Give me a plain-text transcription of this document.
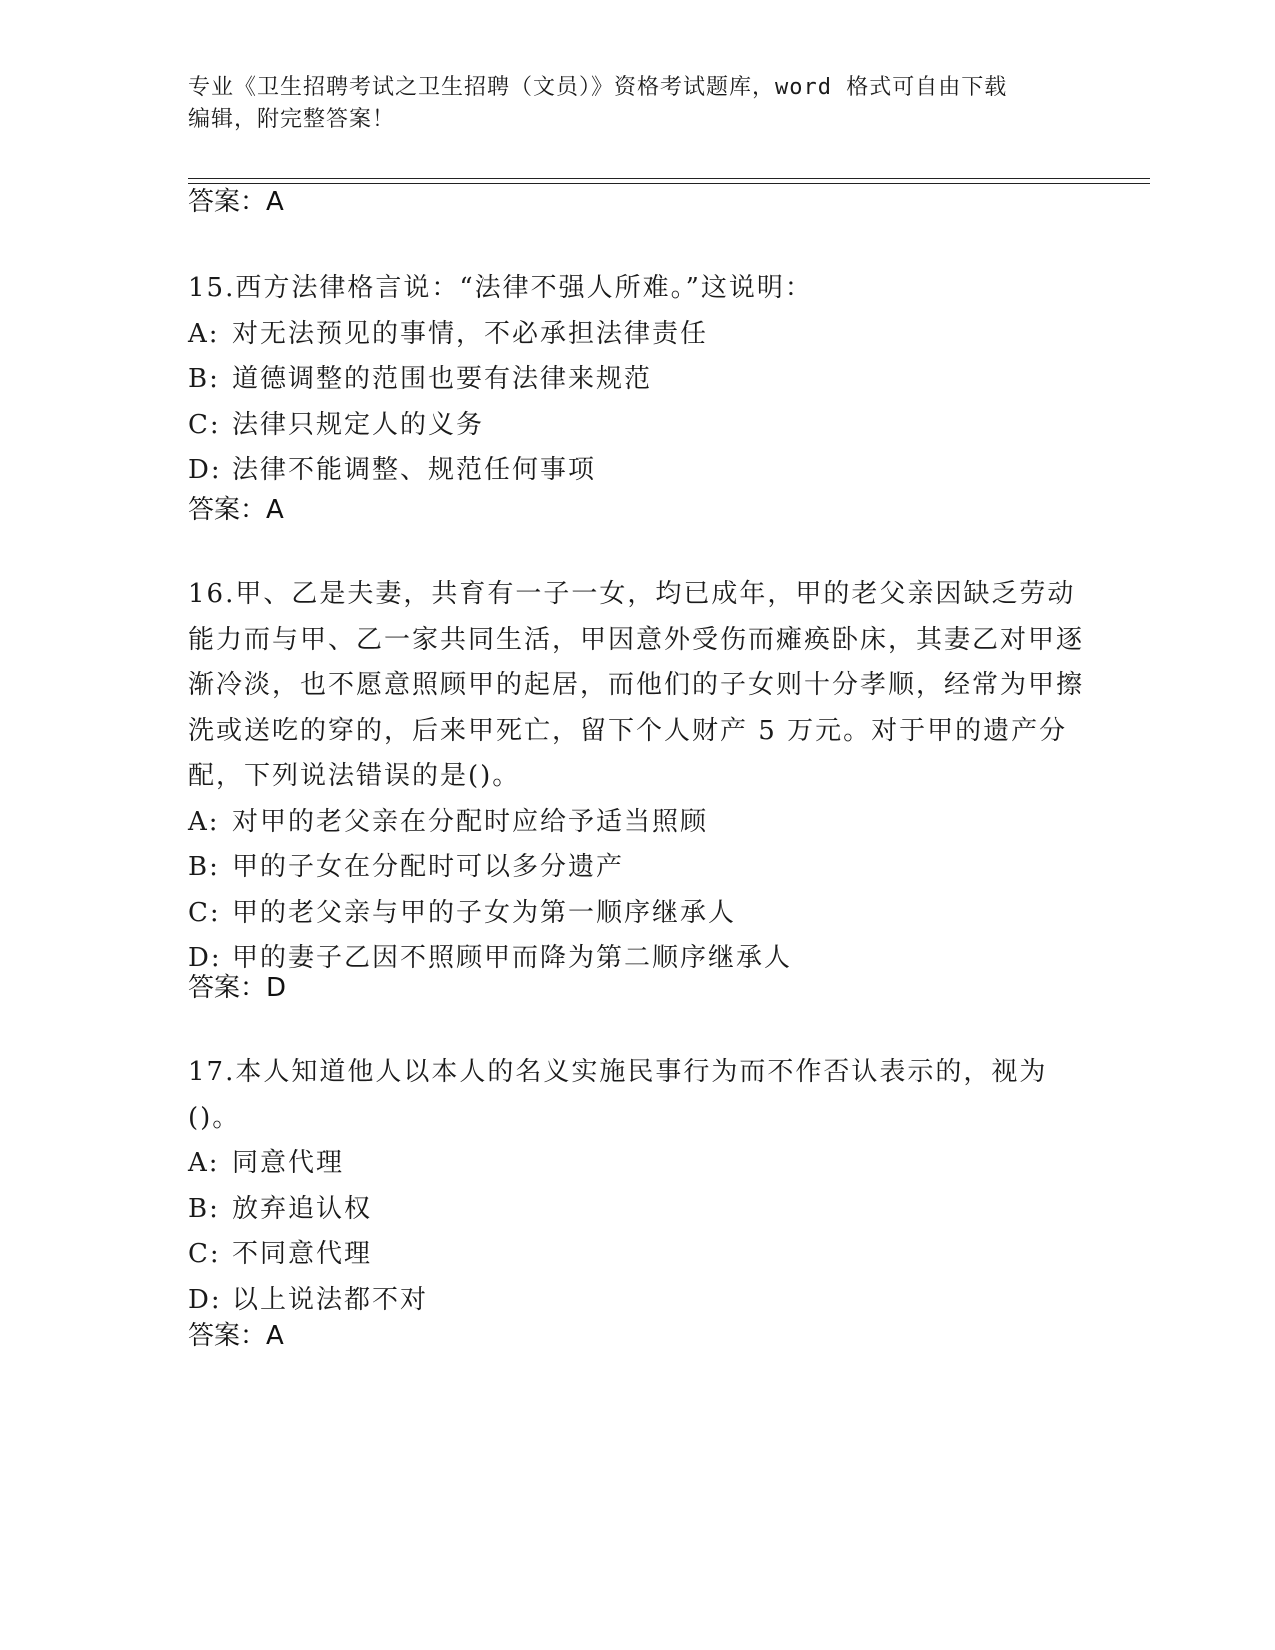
专业《卫生招聘考试之卫生招聘（文员）》资格考试题库，word 格式可自由下载
编辑，附完整答案！
答案：A

15.西方法律格言说：“法律不强人所难。”这说明：

A: 对无法预见的事情，不必承担法律责任

B: 道德调整的范围也要有法律来规范

C: 法律只规定人的义务

D: 法律不能调整、规范任何事项

答案：A

16.甲、乙是夫妻，共育有一子一女，均已成年，甲的老父亲因缺乏劳动能力而与甲、乙一家共同生活，甲因意外受伤而瘫痪卧床，其妻乙对甲逐渐冷淡，也不愿意照顾甲的起居，而他们的子女则十分孝顺，经常为甲擦洗或送吃的穿的，后来甲死亡，留下个人财产 5 万元。对于甲的遗产分配，下列说法错误的是()。

A: 对甲的老父亲在分配时应给予适当照顾

B: 甲的子女在分配时可以多分遗产

C: 甲的老父亲与甲的子女为第一顺序继承人

D: 甲的妻子乙因不照顾甲而降为第二顺序继承人

答案：D

17.本人知道他人以本人的名义实施民事行为而不作否认表示的，视为()。

A: 同意代理

B: 放弃追认权

C: 不同意代理

D: 以上说法都不对

答案：A
